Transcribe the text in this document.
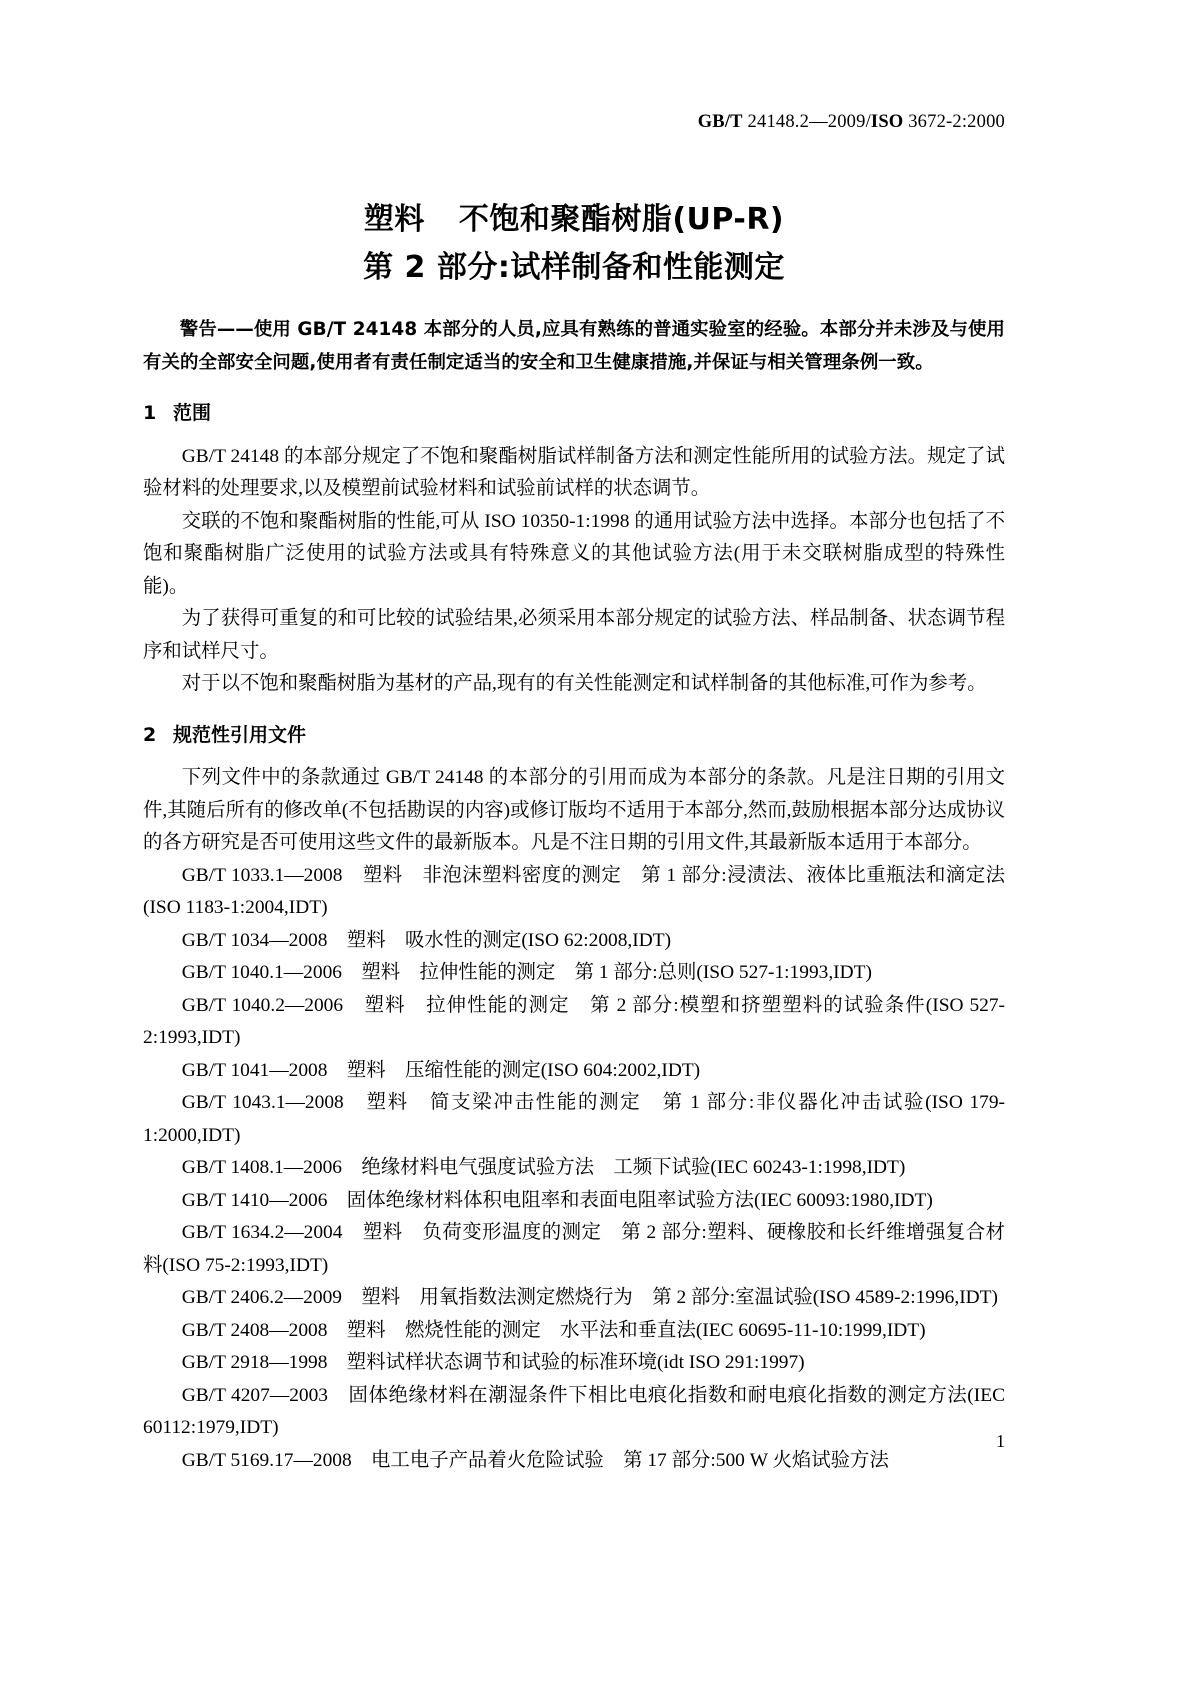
GB/T 24148.2—2009/ISO 3672-2:2000
塑料 不饱和聚酯树脂(UP-R)
第 2 部分:试样制备和性能测定

警告——使用 GB/T 24148 本部分的人员,应具有熟练的普通实验室的经验。本部分并未涉及与使用有关的全部安全问题,使用者有责任制定适当的安全和卫生健康措施,并保证与相关管理条例一致。

1 范围

GB/T 24148 的本部分规定了不饱和聚酯树脂试样制备方法和测定性能所用的试验方法。规定了试验材料的处理要求,以及模塑前试验材料和试验前试样的状态调节。

交联的不饱和聚酯树脂的性能,可从 ISO 10350-1:1998 的通用试验方法中选择。本部分也包括了不饱和聚酯树脂广泛使用的试验方法或具有特殊意义的其他试验方法(用于未交联树脂成型的特殊性能)。

为了获得可重复的和可比较的试验结果,必须采用本部分规定的试验方法、样品制备、状态调节程序和试样尺寸。

对于以不饱和聚酯树脂为基材的产品,现有的有关性能测定和试样制备的其他标准,可作为参考。

2 规范性引用文件

下列文件中的条款通过 GB/T 24148 的本部分的引用而成为本部分的条款。凡是注日期的引用文件,其随后所有的修改单(不包括勘误的内容)或修订版均不适用于本部分,然而,鼓励根据本部分达成协议的各方研究是否可使用这些文件的最新版本。凡是不注日期的引用文件,其最新版本适用于本部分。

GB/T 1033.1—2008　塑料　非泡沫塑料密度的测定　第 1 部分:浸渍法、液体比重瓶法和滴定法(ISO 1183-1:2004,IDT)

GB/T 1034—2008　塑料　吸水性的测定(ISO 62:2008,IDT)

GB/T 1040.1—2006　塑料　拉伸性能的测定　第 1 部分:总则(ISO 527-1:1993,IDT)

GB/T 1040.2—2006　塑料　拉伸性能的测定　第 2 部分:模塑和挤塑塑料的试验条件(ISO 527-2:1993,IDT)

GB/T 1041—2008　塑料　压缩性能的测定(ISO 604:2002,IDT)

GB/T 1043.1—2008　塑料　简支梁冲击性能的测定　第 1 部分:非仪器化冲击试验(ISO 179-1:2000,IDT)

GB/T 1408.1—2006　绝缘材料电气强度试验方法　工频下试验(IEC 60243-1:1998,IDT)

GB/T 1410—2006　固体绝缘材料体积电阻率和表面电阻率试验方法(IEC 60093:1980,IDT)

GB/T 1634.2—2004　塑料　负荷变形温度的测定　第 2 部分:塑料、硬橡胶和长纤维增强复合材料(ISO 75-2:1993,IDT)

GB/T 2406.2—2009　塑料　用氧指数法测定燃烧行为　第 2 部分:室温试验(ISO 4589-2:1996,IDT)

GB/T 2408—2008　塑料　燃烧性能的测定　水平法和垂直法(IEC 60695-11-10:1999,IDT)

GB/T 2918—1998　塑料试样状态调节和试验的标准环境(idt ISO 291:1997)

GB/T 4207—2003　固体绝缘材料在潮湿条件下相比电痕化指数和耐电痕化指数的测定方法(IEC 60112:1979,IDT)

GB/T 5169.17—2008　电工电子产品着火危险试验　第 17 部分:500 W 火焰试验方法

1
